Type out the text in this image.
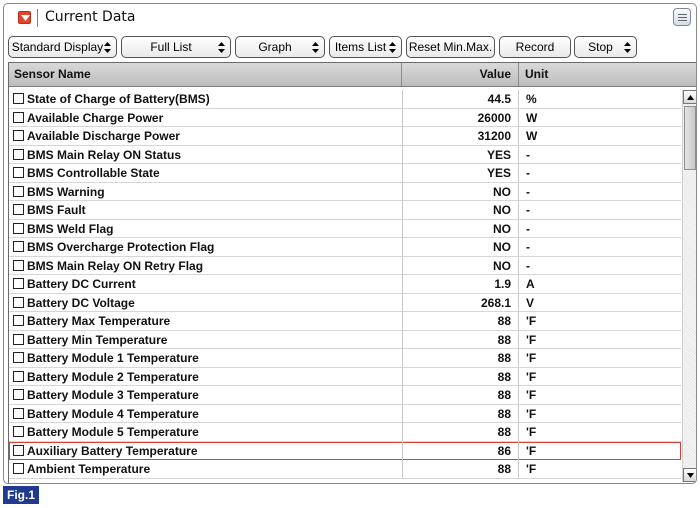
Current Data
Standard Display	Full List	Graph	Items List Reset Min.Max. Record	Stop
Sensor Name	Value	Unit
State of Charge of Battery(BMS)	44.5	%
Available Charge Power	26000	W
Available Discharge Power	31200	W
BMS Main Relay ON Status	YES	-
BMS Controllable State	YES	-
BMS Warning	NO	-
BMS Fault	NO	-
BMS Weld Flag	NO	-
BMS Overcharge Protection Flag	NO	-
BMS Main Relay ON Retry Flag	NO	-
Battery DC Current	1.9	A
Battery DC Voltage	268.1	V
Battery Max Temperature	88	'F
Battery Min Temperature	88	'F
Battery Module 1 Temperature	88	'F
Battery Module 2 Temperature	88	'F
Battery Module 3 Temperature	88	'F
Battery Module 4 Temperature	88	'F
Battery Module 5 Temperature	88	'F
Auxiliary Battery Temperature	86	'F
Ambient Temperature	88	'F
Fig.1
